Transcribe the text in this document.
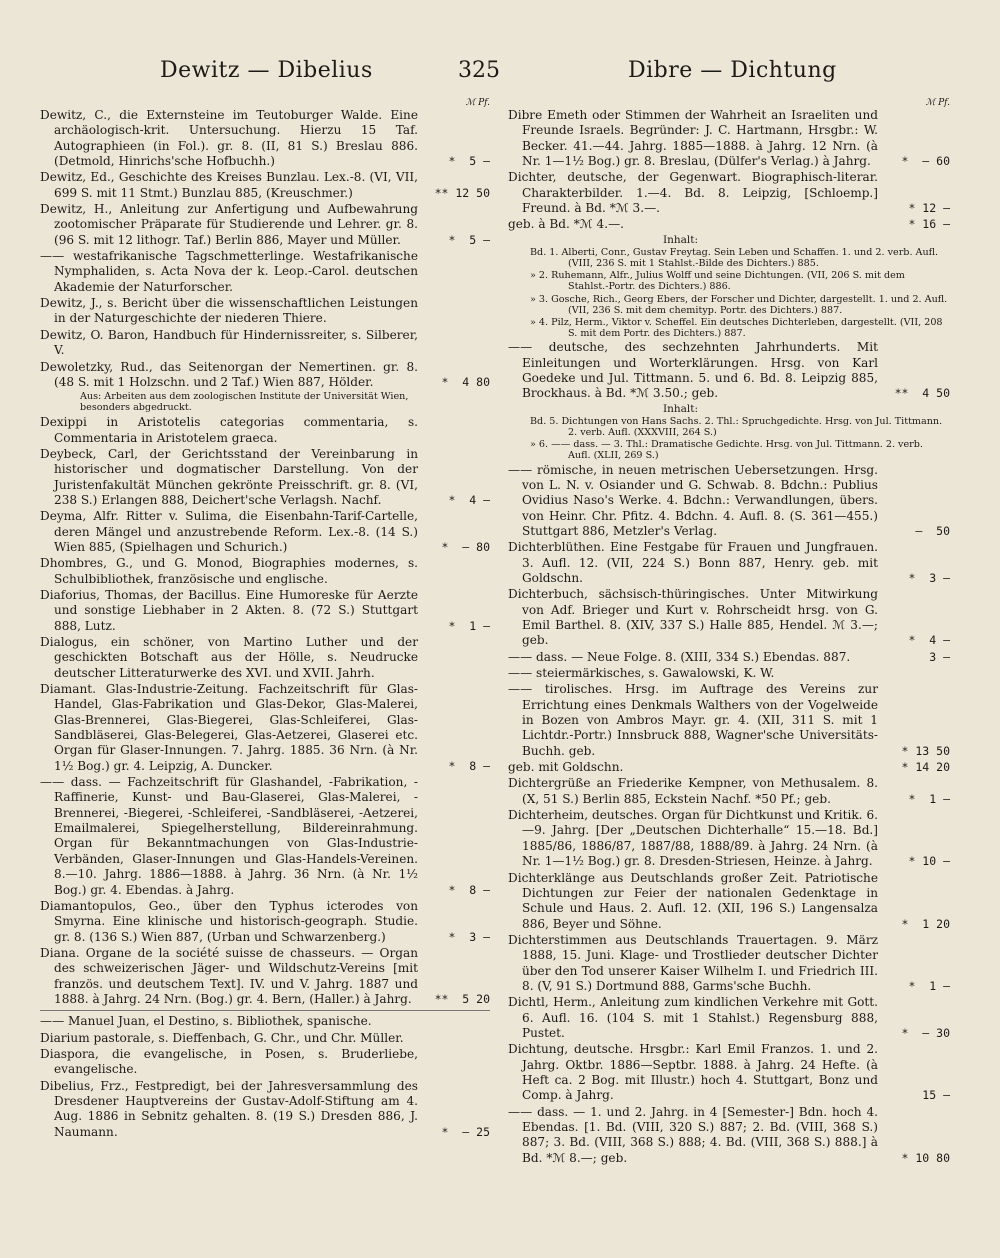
Dewitz — Dibelius	325	Dibre — Dichtung
ℳ Pf.
Dewitz, C., die Externsteine im Teutoburger Walde. Eine archäologisch-krit. Untersuchung. Hierzu 15 Taf. Autographieen (in Fol.). gr. 8. (II, 81 S.) Breslau 886. (Detmold, Hinrichs'sche Hofbuchh.)	*  5 —
Dewitz, Ed., Geschichte des Kreises Bunzlau. Lex.-8. (VI, VII, 699 S. mit 11 Stmt.) Bunzlau 885, (Kreuschmer.)	** 12 50
Dewitz, H., Anleitung zur Anfertigung und Aufbewahrung zootomischer Präparate für Studierende und Lehrer. gr. 8. (96 S. mit 12 lithogr. Taf.) Berlin 886, Mayer und Müller.	*  5 —
—— westafrikanische Tagschmetterlinge. Westafrikanische Nymphaliden, s. Acta Nova der k. Leop.-Carol. deutschen Akademie der Naturforscher.
Dewitz, J., s. Bericht über die wissenschaftlichen Leistungen in der Naturgeschichte der niederen Thiere.
Dewitz, O. Baron, Handbuch für Hindernissreiter, s. Silberer, V.
Dewoletzky, Rud., das Seitenorgan der Nemertinen. gr. 8. (48 S. mit 1 Holzschn. und 2 Taf.) Wien 887, Hölder.	*  4 80
Aus: Arbeiten aus dem zoologischen Institute der Universität Wien, besonders abgedruckt.
Dexippi in Aristotelis categorias commentaria, s. Commentaria in Aristotelem graeca.
Deybeck, Carl, der Gerichtsstand der Vereinbarung in historischer und dogmatischer Darstellung. Von der Juristenfakultät München gekrönte Preisschrift. gr. 8. (VI, 238 S.) Erlangen 888, Deichert'sche Verlagsh. Nachf.	*  4 —
Deyma, Alfr. Ritter v. Sulima, die Eisenbahn-Tarif-Cartelle, deren Mängel und anzustrebende Reform. Lex.-8. (14 S.) Wien 885, (Spielhagen und Schurich.)	*  — 80
Dhombres, G., und G. Monod, Biographies modernes, s. Schulbibliothek, französische und englische.
Diaforius, Thomas, der Bacillus. Eine Humoreske für Aerzte und sonstige Liebhaber in 2 Akten. 8. (72 S.) Stuttgart 888, Lutz.	*  1 —
Dialogus, ein schöner, von Martino Luther und der geschickten Botschaft aus der Hölle, s. Neudrucke deutscher Litteraturwerke des XVI. und XVII. Jahrh.
Diamant. Glas-Industrie-Zeitung. Fachzeitschrift für Glas-Handel, Glas-Fabrikation und Glas-Dekor, Glas-Malerei, Glas-Brennerei, Glas-Biegerei, Glas-Schleiferei, Glas-Sandbläserei, Glas-Belegerei, Glas-Aetzerei, Glaserei etc. Organ für Glaser-Innungen. 7. Jahrg. 1885. 36 Nrn. (à Nr. 1½ Bog.) gr. 4. Leipzig, A. Duncker.	*  8 —
—— dass. — Fachzeitschrift für Glashandel, -Fabrikation, -Raffinerie, Kunst- und Bau-Glaserei, Glas-Malerei, -Brennerei, -Biegerei, -Schleiferei, -Sandbläserei, -Aetzerei, Emailmalerei, Spiegelherstellung, Bildereinrahmung. Organ für Bekanntmachungen von Glas-Industrie-Verbänden, Glaser-Innungen und Glas-Handels-Vereinen. 8.—10. Jahrg. 1886—1888. à Jahrg. 36 Nrn. (à Nr. 1½ Bog.) gr. 4. Ebendas. à Jahrg.	*  8 —
Diamantopulos, Geo., über den Typhus icterodes von Smyrna. Eine klinische und historisch-geograph. Studie. gr. 8. (136 S.) Wien 887, (Urban und Schwarzenberg.)	*  3 —
Diana. Organe de la société suisse de chasseurs. — Organ des schweizerischen Jäger- und Wildschutz-Vereins [mit französ. und deutschem Text]. IV. und V. Jahrg. 1887 und 1888. à Jahrg. 24 Nrn. (Bog.) gr. 4. Bern, (Haller.) à Jahrg.	**  5 20
—— Manuel Juan, el Destino, s. Bibliothek, spanische.
Diarium pastorale, s. Dieffenbach, G. Chr., und Chr. Müller.
Diaspora, die evangelische, in Posen, s. Bruderliebe, evangelische.
Dibelius, Frz., Festpredigt, bei der Jahresversammlung des Dresdener Hauptvereins der Gustav-Adolf-Stiftung am 4. Aug. 1886 in Sebnitz gehalten. 8. (19 S.) Dresden 886, J. Naumann.	*  — 25
ℳ Pf.
Dibre Emeth oder Stimmen der Wahrheit an Israeliten und Freunde Israels. Begründer: J. C. Hartmann, Hrsgbr.: W. Becker. 41.—44. Jahrg. 1885—1888. à Jahrg. 12 Nrn. (à Nr. 1—1½ Bog.) gr. 8. Breslau, (Dülfer's Verlag.) à Jahrg.	*  — 60
Dichter, deutsche, der Gegenwart. Biographisch-literar. Charakterbilder. 1.—4. Bd. 8. Leipzig, [Schloemp.] Freund. à Bd. *ℳ 3.—.	* 12 —
geb. à Bd. *ℳ 4.—.	* 16 —
Inhalt:
Bd. 1. Alberti, Conr., Gustav Freytag. Sein Leben und Schaffen. 1. und 2. verb. Aufl. (VIII, 236 S. mit 1 Stahlst.-Bilde des Dichters.) 885.
» 2. Ruhemann, Alfr., Julius Wolff und seine Dichtungen. (VII, 206 S. mit dem Stahlst.-Portr. des Dichters.) 886.
» 3. Gosche, Rich., Georg Ebers, der Forscher und Dichter, dargestellt. 1. und 2. Aufl. (VII, 236 S. mit dem chemityp. Portr. des Dichters.) 887.
» 4. Pilz, Herm., Viktor v. Scheffel. Ein deutsches Dichterleben, dargestellt. (VII, 208 S. mit dem Portr. des Dichters.) 887.
—— deutsche, des sechzehnten Jahrhunderts. Mit Einleitungen und Worterklärungen. Hrsg. von Karl Goedeke und Jul. Tittmann. 5. und 6. Bd. 8. Leipzig 885, Brockhaus. à Bd. *ℳ 3.50.; geb.	**  4 50
Inhalt:
Bd. 5. Dichtungen von Hans Sachs. 2. Thl.: Spruchgedichte. Hrsg. von Jul. Tittmann. 2. verb. Aufl. (XXXVIII, 264 S.)
» 6. —— dass. — 3. Thl.: Dramatische Gedichte. Hrsg. von Jul. Tittmann. 2. verb. Aufl. (XLII, 269 S.)
—— römische, in neuen metrischen Uebersetzungen. Hrsg. von L. N. v. Osiander und G. Schwab. 8. Bdchn.: Publius Ovidius Naso's Werke. 4. Bdchn.: Verwandlungen, übers. von Heinr. Chr. Pfitz. 4. Bdchn. 4. Aufl. 8. (S. 361—455.) Stuttgart 886, Metzler's Verlag.	—  50
Dichterblüthen. Eine Festgabe für Frauen und Jungfrauen. 3. Aufl. 12. (VII, 224 S.) Bonn 887, Henry. geb. mit Goldschn.	*  3 —
Dichterbuch, sächsisch-thüringisches. Unter Mitwirkung von Adf. Brieger und Kurt v. Rohrscheidt hrsg. von G. Emil Barthel. 8. (XIV, 337 S.) Halle 885, Hendel. ℳ 3.—; geb.	*  4 —
—— dass. — Neue Folge. 8. (XIII, 334 S.) Ebendas. 887.	3 —
—— steiermärkisches, s. Gawalowski, K. W.
—— tirolisches. Hrsg. im Auftrage des Vereins zur Errichtung eines Denkmals Walthers von der Vogelweide in Bozen von Ambros Mayr. gr. 4. (XII, 311 S. mit 1 Lichtdr.-Portr.) Innsbruck 888, Wagner'sche Universitäts-Buchh. geb.	* 13 50
geb. mit Goldschn.	* 14 20
Dichtergrüße an Friederike Kempner, von Methusalem. 8. (X, 51 S.) Berlin 885, Eckstein Nachf. *50 Pf.; geb.	*  1 —
Dichterheim, deutsches. Organ für Dichtkunst und Kritik. 6.—9. Jahrg. [Der „Deutschen Dichterhalle“ 15.—18. Bd.] 1885/86, 1886/87, 1887/88, 1888/89. à Jahrg. 24 Nrn. (à Nr. 1—1½ Bog.) gr. 8. Dresden-Striesen, Heinze. à Jahrg.	* 10 —
Dichterklänge aus Deutschlands großer Zeit. Patriotische Dichtungen zur Feier der nationalen Gedenktage in Schule und Haus. 2. Aufl. 12. (XII, 196 S.) Langensalza 886, Beyer und Söhne.	*  1 20
Dichterstimmen aus Deutschlands Trauertagen. 9. März 1888, 15. Juni. Klage- und Trostlieder deutscher Dichter über den Tod unserer Kaiser Wilhelm I. und Friedrich III. 8. (V, 91 S.) Dortmund 888, Garms'sche Buchh.	*  1 —
Dichtl, Herm., Anleitung zum kindlichen Verkehre mit Gott. 6. Aufl. 16. (104 S. mit 1 Stahlst.) Regensburg 888, Pustet.	*  — 30
Dichtung, deutsche. Hrsgbr.: Karl Emil Franzos. 1. und 2. Jahrg. Oktbr. 1886—Septbr. 1888. à Jahrg. 24 Hefte. (à Heft ca. 2 Bog. mit Illustr.) hoch 4. Stuttgart, Bonz und Comp. à Jahrg.	15 —
—— dass. — 1. und 2. Jahrg. in 4 [Semester-] Bdn. hoch 4. Ebendas. [1. Bd. (VIII, 320 S.) 887; 2. Bd. (VIII, 368 S.) 887; 3. Bd. (VIII, 368 S.) 888; 4. Bd. (VIII, 368 S.) 888.] à Bd. *ℳ 8.—; geb.	* 10 80
